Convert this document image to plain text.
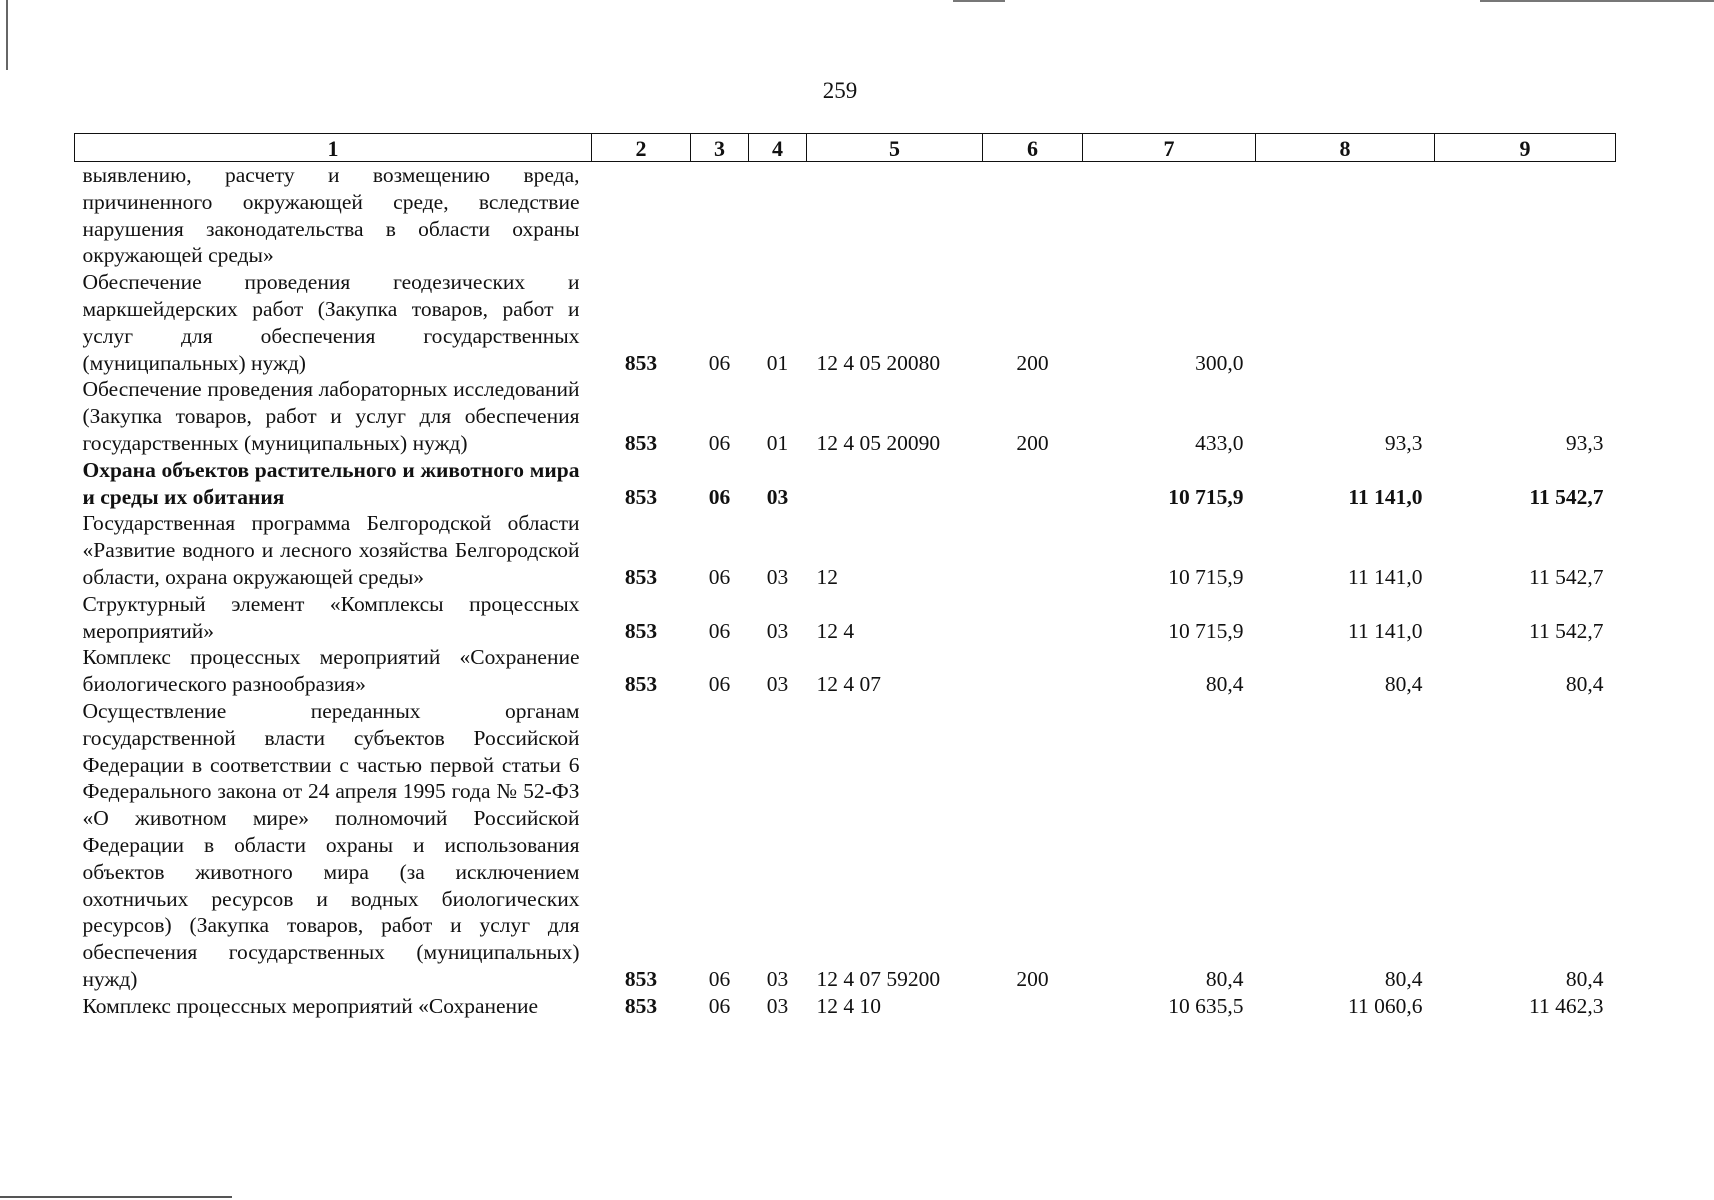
259
1	2	3	4	5	6	7	8	9
выявлению, расчету и возмещению вреда, причиненного окружающей среде, вследствие нарушения законодательства в области охраны окружающей среды»								
Обеспечение проведения геодезических и маркшейдерских работ (Закупка товаров, работ и услуг для обеспечения государственных (муниципальных) нужд)	853	06	01	12 4 05 20080	200	300,0		
Обеспечение проведения лабораторных исследований (Закупка товаров, работ и услуг для обеспечения государственных (муниципальных) нужд)	853	06	01	12 4 05 20090	200	433,0	93,3	93,3
Охрана объектов растительного и животного мира и среды их обитания	853	06	03			10 715,9	11 141,0	11 542,7
Государственная программа Белгородской области «Развитие водного и лесного хозяйства Белгородской области, охрана окружающей среды»	853	06	03	12		10 715,9	11 141,0	11 542,7
Структурный элемент «Комплексы процессных мероприятий»	853	06	03	12 4		10 715,9	11 141,0	11 542,7
Комплекс процессных мероприятий «Сохранение биологического разнообразия»	853	06	03	12 4 07		80,4	80,4	80,4
Осуществление переданных органам государственной власти субъектов Российской Федерации в соответствии с частью первой статьи 6 Федерального закона от 24 апреля 1995 года № 52-ФЗ «О животном мире» полномочий Российской Федерации в области охраны и использования объектов животного мира (за исключением охотничьих ресурсов и водных биологических ресурсов) (Закупка товаров, работ и услуг для обеспечения государственных (муниципальных) нужд)	853	06	03	12 4 07 59200	200	80,4	80,4	80,4
Комплекс процессных мероприятий «Сохранение	853	06	03	12 4 10		10 635,5	11 060,6	11 462,3
